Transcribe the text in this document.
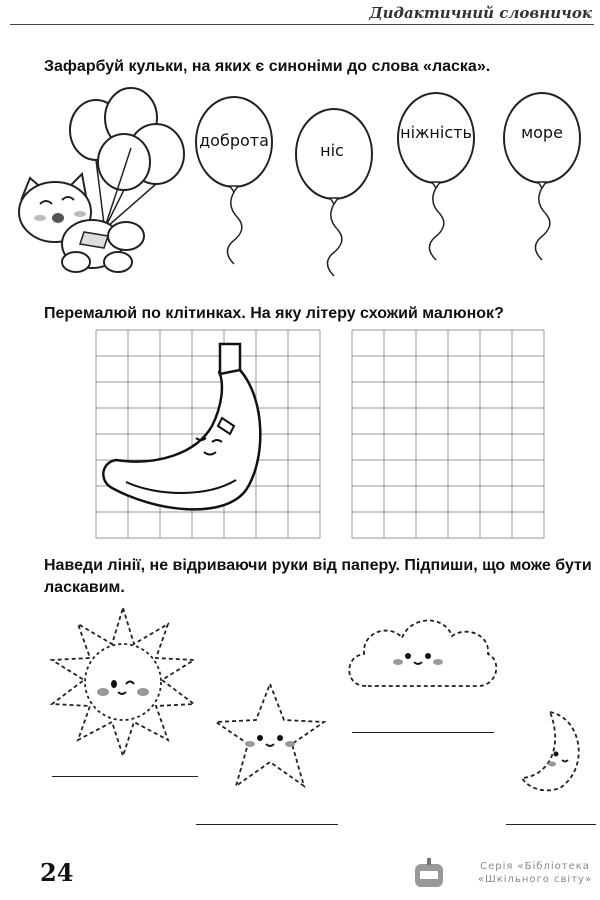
Дидактичний словничок
Зафарбуй кульки, на яких є синоніми до слова «ласка».
доброта
ніс
ніжність	море
Перемалюй по клітинках. На яку літеру схожий малюнок?
Наведи лінії, не відриваючи руки від паперу. Підпиши, що може бути ласкавим.
24	Серія «Бібліотека
«Шкільного світу»
